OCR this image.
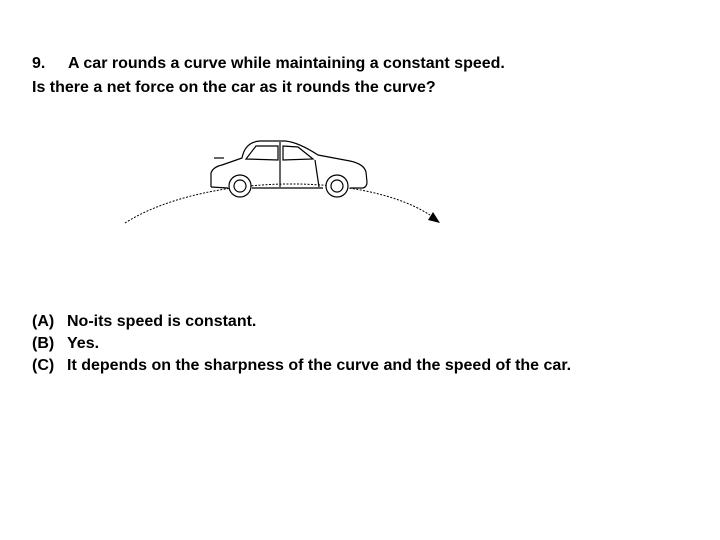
9. A car rounds a curve while maintaining a constant speed.
Is there a net force on the car as it rounds the curve?
(A) No-its speed is constant.
(B) Yes.
(C) It depends on the sharpness of the curve and the speed of the car.
